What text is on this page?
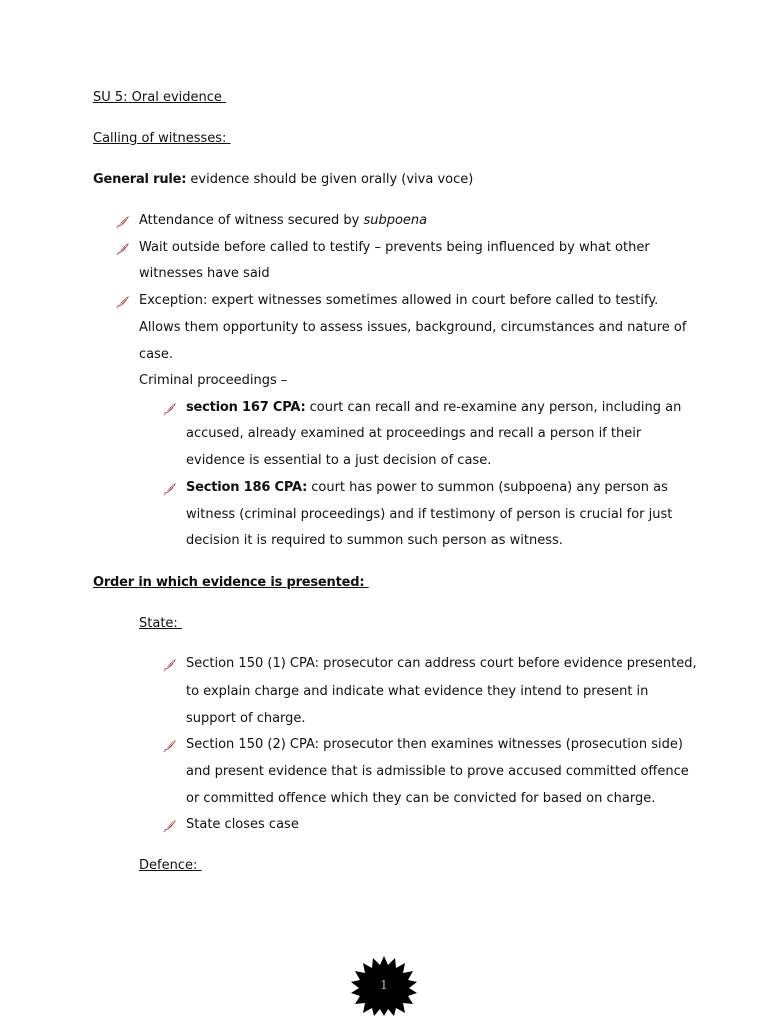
SU 5: Oral evidence
Calling of witnesses:
General rule: evidence should be given orally (viva voce)
Attendance of witness secured by subpoena
Wait outside before called to testify – prevents being influenced by what other
witnesses have said
Exception: expert witnesses sometimes allowed in court before called to testify.
Allows them opportunity to assess issues, background, circumstances and nature of
case.
Criminal proceedings –
section 167 CPA: court can recall and re-examine any person, including an
accused, already examined at proceedings and recall a person if their
evidence is essential to a just decision of case.
Section 186 CPA: court has power to summon (subpoena) any person as
witness (criminal proceedings) and if testimony of person is crucial for just
decision it is required to summon such person as witness.
Order in which evidence is presented:
State:
Section 150 (1) CPA: prosecutor can address court before evidence presented,
to explain charge and indicate what evidence they intend to present in
support of charge.
Section 150 (2) CPA: prosecutor then examines witnesses (prosecution side)
and present evidence that is admissible to prove accused committed offence
or committed offence which they can be convicted for based on charge.
State closes case
Defence:
1
